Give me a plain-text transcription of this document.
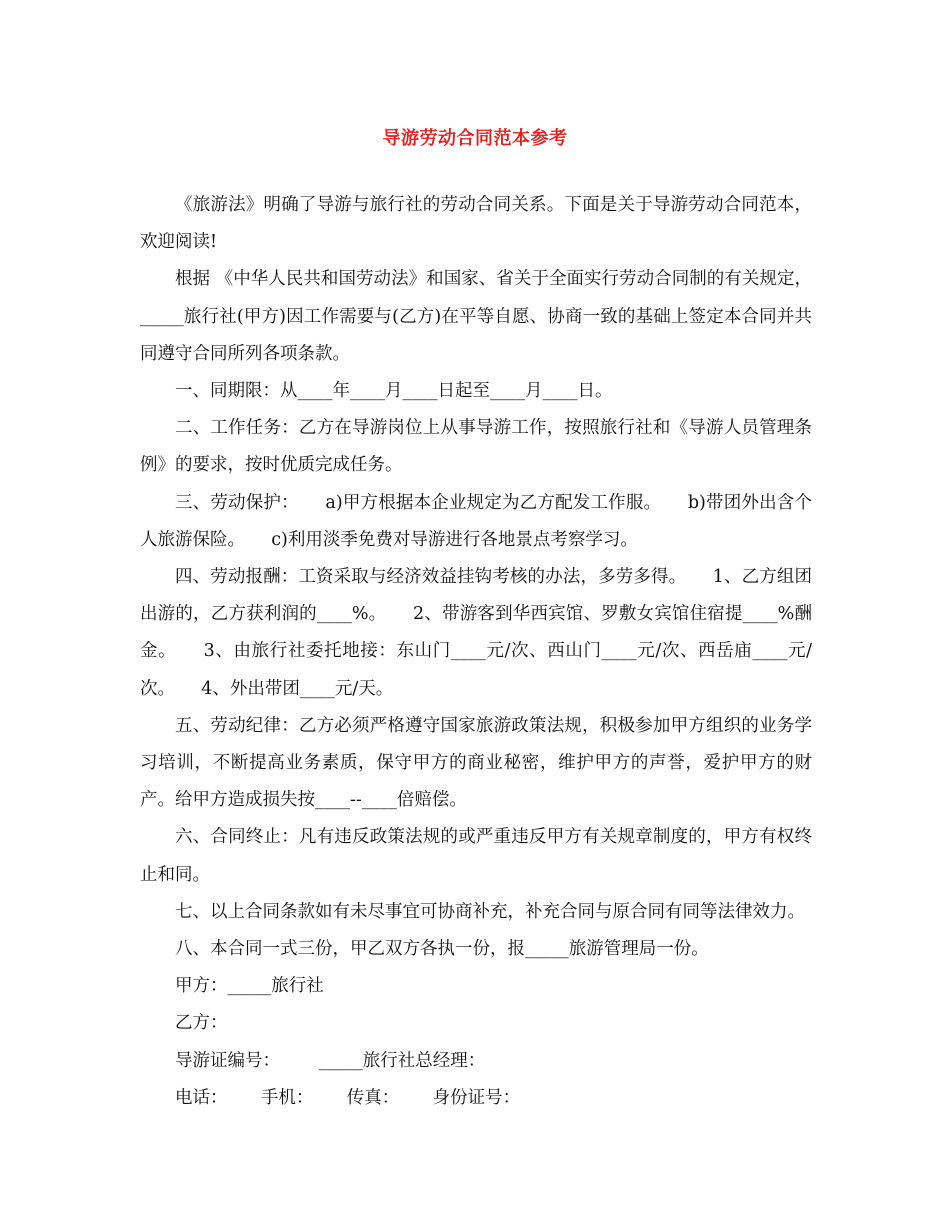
导游劳动合同范本参考

《旅游法》明确了导游与旅行社的劳动合同关系。下面是关于导游劳动合同范本，欢迎阅读!

根据 《中华人民共和国劳动法》和国家、省关于全面实行劳动合同制的有关规定，_____旅行社(甲方)因工作需要与(乙方)在平等自愿、协商一致的基础上签定本合同并共同遵守合同所列各项条款。

一、同期限：从____年____月____日起至____月____日。

二、工作任务：乙方在导游岗位上从事导游工作，按照旅行社和《导游人员管理条例》的要求，按时优质完成任务。

三、劳动保护：　　a)甲方根据本企业规定为乙方配发工作服。　　b)带团外出含个人旅游保险。　　c)利用淡季免费对导游进行各地景点考察学习。

四、劳动报酬：工资采取与经济效益挂钩考核的办法，多劳多得。　　1、乙方组团出游的，乙方获利润的____%。　　2、带游客到华西宾馆、罗敷女宾馆住宿提____%酬金。　　3、由旅行社委托地接：东山门____元/次、西山门____元/次、西岳庙____元/次。　　4、外出带团____元/天。

五、劳动纪律：乙方必须严格遵守国家旅游政策法规，积极参加甲方组织的业务学习培训，不断提高业务素质，保守甲方的商业秘密，维护甲方的声誉，爱护甲方的财产。给甲方造成损失按____--____倍赔偿。

六、合同终止：凡有违反政策法规的或严重违反甲方有关规章制度的，甲方有权终止和同。

七、以上合同条款如有未尽事宜可协商补充，补充合同与原合同有同等法律效力。

八、本合同一式三份，甲乙双方各执一份，报_____旅游管理局一份。

甲方：_____旅行社

乙方：

导游证编号：       _____旅行社总经理：

电话：      手机：      传真：      身份证号：
